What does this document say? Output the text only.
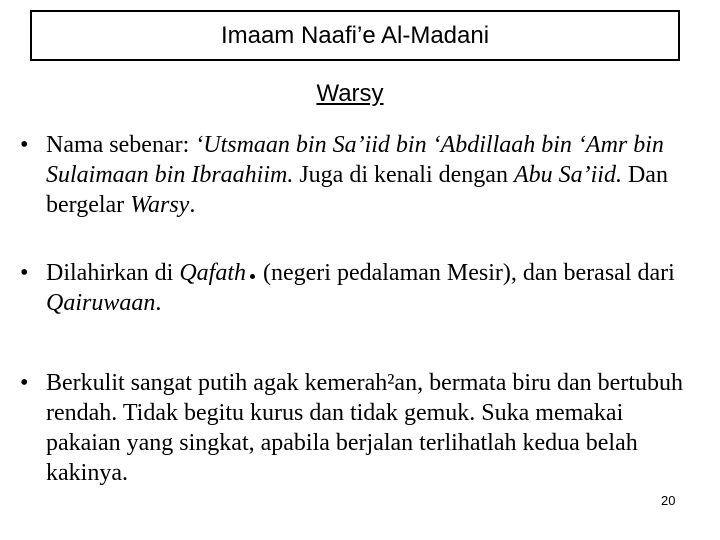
Imaam Naafi’e Al-Madani
Warsy
• Nama sebenar: ‘Utsmaan bin Sa’iid bin ‘Abdillaah bin ‘Amr bin Sulaimaan bin Ibraahiim. Juga di kenali dengan Abu Sa’iid. Dan bergelar Warsy.
• Dilahirkan di Qafath (negeri pedalaman Mesir), dan berasal dari Qairuwaan.
• Berkulit sangat putih agak kemerah²an, bermata biru dan bertubuh rendah. Tidak begitu kurus dan tidak gemuk. Suka memakai pakaian yang singkat, apabila berjalan terlihatlah kedua belah kakinya.
20
